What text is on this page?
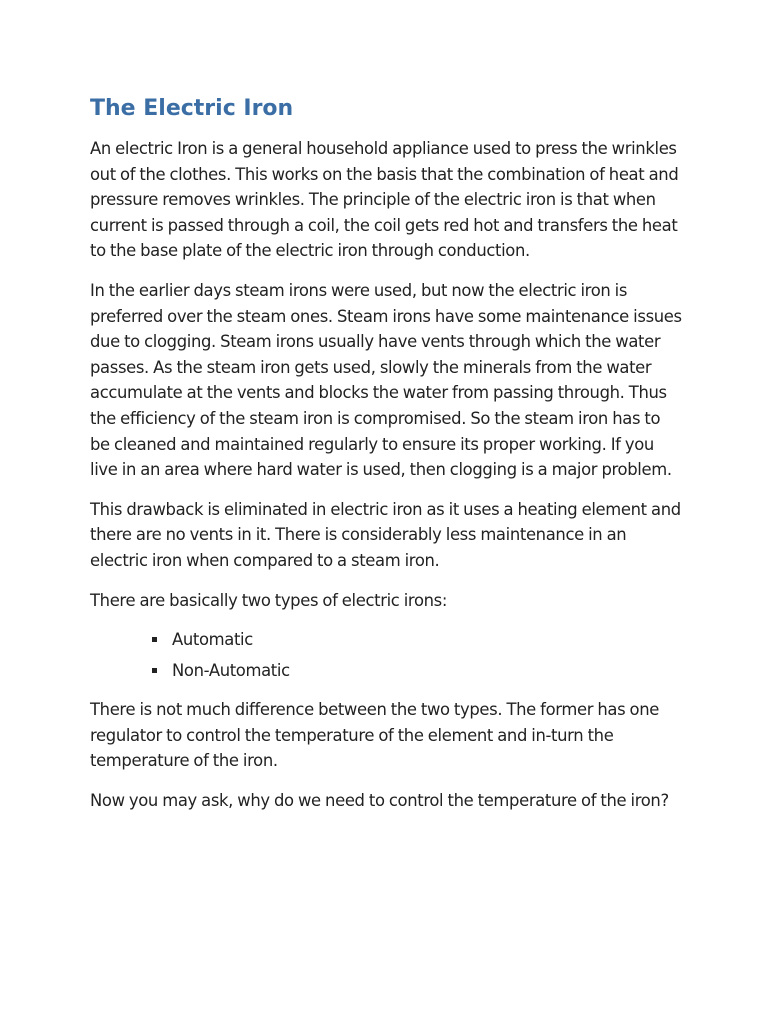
The Electric Iron

An electric Iron is a general household appliance used to press the wrinkles out of the clothes. This works on the basis that the combination of heat and pressure removes wrinkles. The principle of the electric iron is that when current is passed through a coil, the coil gets red hot and transfers the heat to the base plate of the electric iron through conduction.

In the earlier days steam irons were used, but now the electric iron is preferred over the steam ones. Steam irons have some maintenance issues due to clogging. Steam irons usually have vents through which the water passes. As the steam iron gets used, slowly the minerals from the water accumulate at the vents and blocks the water from passing through. Thus the efficiency of the steam iron is compromised. So the steam iron has to be cleaned and maintained regularly to ensure its proper working. If you live in an area where hard water is used, then clogging is a major problem.

This drawback is eliminated in electric iron as it uses a heating element and there are no vents in it. There is considerably less maintenance in an electric iron when compared to a steam iron.

There are basically two types of electric irons:

Automatic
Non-Automatic

There is not much difference between the two types. The former has one regulator to control the temperature of the element and in-turn the temperature of the iron.

Now you may ask, why do we need to control the temperature of the iron?
